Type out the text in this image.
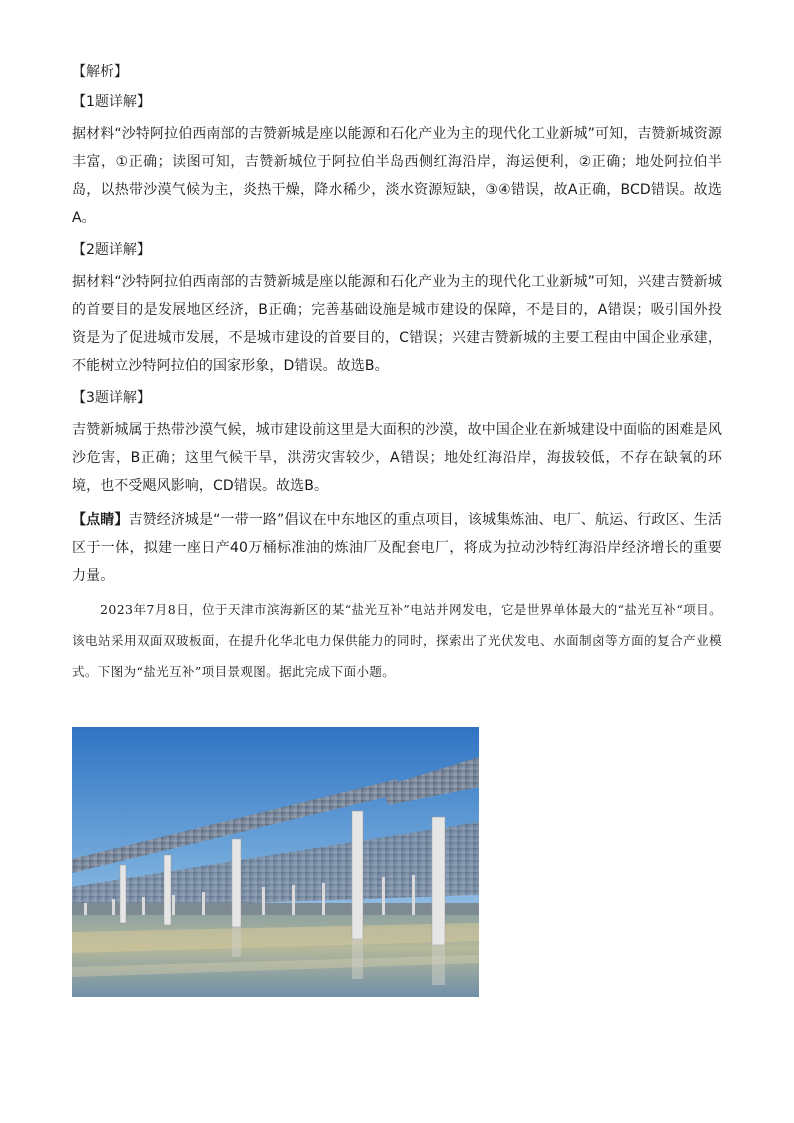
【解析】

【1题详解】

据材料“沙特阿拉伯西南部的吉赞新城是座以能源和石化产业为主的现代化工业新城”可知，吉赞新城资源丰富，①正确；读图可知，吉赞新城位于阿拉伯半岛西侧红海沿岸，海运便利，②正确；地处阿拉伯半岛，以热带沙漠气候为主，炎热干燥，降水稀少，淡水资源短缺，③④错误，故A正确，BCD错误。故选A。

【2题详解】

据材料“沙特阿拉伯西南部的吉赞新城是座以能源和石化产业为主的现代化工业新城”可知，兴建吉赞新城的首要目的是发展地区经济，B正确；完善基础设施是城市建设的保障，不是目的，A错误；吸引国外投资是为了促进城市发展，不是城市建设的首要目的，C错误；兴建吉赞新城的主要工程由中国企业承建，不能树立沙特阿拉伯的国家形象，D错误。故选B。

【3题详解】

吉赞新城属于热带沙漠气候，城市建设前这里是大面积的沙漠，故中国企业在新城建设中面临的困难是风沙危害，B正确；这里气候干旱，洪涝灾害较少，A错误；地处红海沿岸，海拔较低，不存在缺氧的环境，也不受飓风影响，CD错误。故选B。

【点睛】吉赞经济城是“一带一路”倡议在中东地区的重点项目，该城集炼油、电厂、航运、行政区、生活区于一体，拟建一座日产40万桶标准油的炼油厂及配套电厂，将成为拉动沙特红海沿岸经济增长的重要力量。

2023年7月8日，位于天津市滨海新区的某“盐光互补”电站并网发电，它是世界单体最大的“盐光互补“项目。该电站采用双面双玻板面，在提升化华北电力保供能力的同时，探索出了光伏发电、水面制卤等方面的复合产业模式。下图为“盐光互补”项目景观图。据此完成下面小题。
